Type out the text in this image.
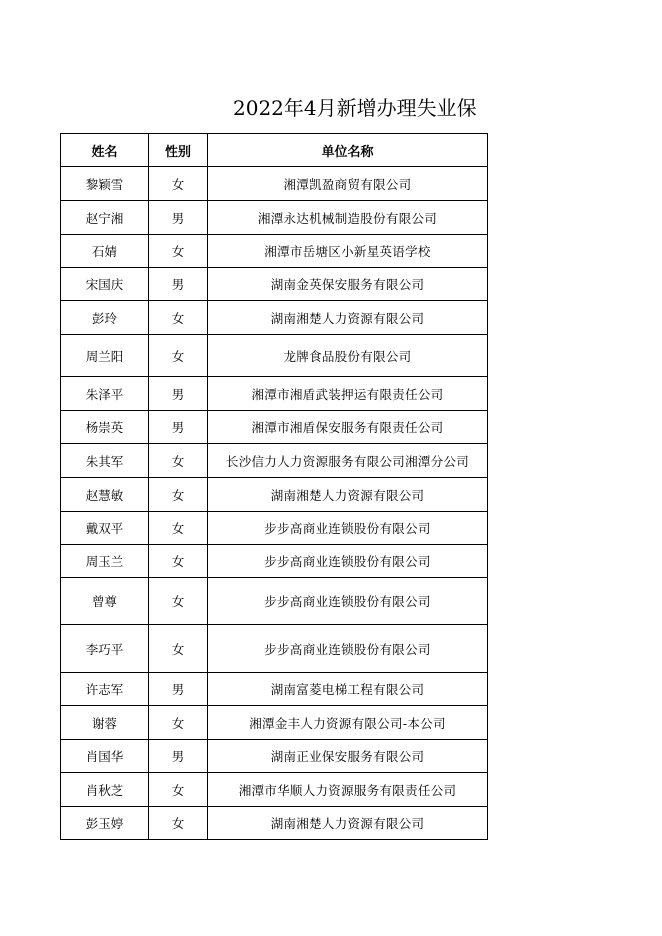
2022年4月新增办理失业保
姓名	性别	单位名称
黎颖雪	女	湘潭凯盈商贸有限公司
赵宁湘	男	湘潭永达机械制造股份有限公司
石婧	女	湘潭市岳塘区小新星英语学校
宋国庆	男	湖南金英保安服务有限公司
彭玲	女	湖南湘楚人力资源有限公司
周兰阳	女	龙牌食品股份有限公司
朱泽平	男	湘潭市湘盾武装押运有限责任公司
杨崇英	男	湘潭市湘盾保安服务有限责任公司
朱其军	女	长沙信力人力资源服务有限公司湘潭分公司
赵慧敏	女	湖南湘楚人力资源有限公司
戴双平	女	步步高商业连锁股份有限公司
周玉兰	女	步步高商业连锁股份有限公司
曾尊	女	步步高商业连锁股份有限公司
李巧平	女	步步高商业连锁股份有限公司
许志军	男	湖南富菱电梯工程有限公司
谢蓉	女	湘潭金丰人力资源有限公司-本公司
肖国华	男	湖南正业保安服务有限公司
肖秋芝	女	湘潭市华顺人力资源服务有限责任公司
彭玉婷	女	湖南湘楚人力资源有限公司
